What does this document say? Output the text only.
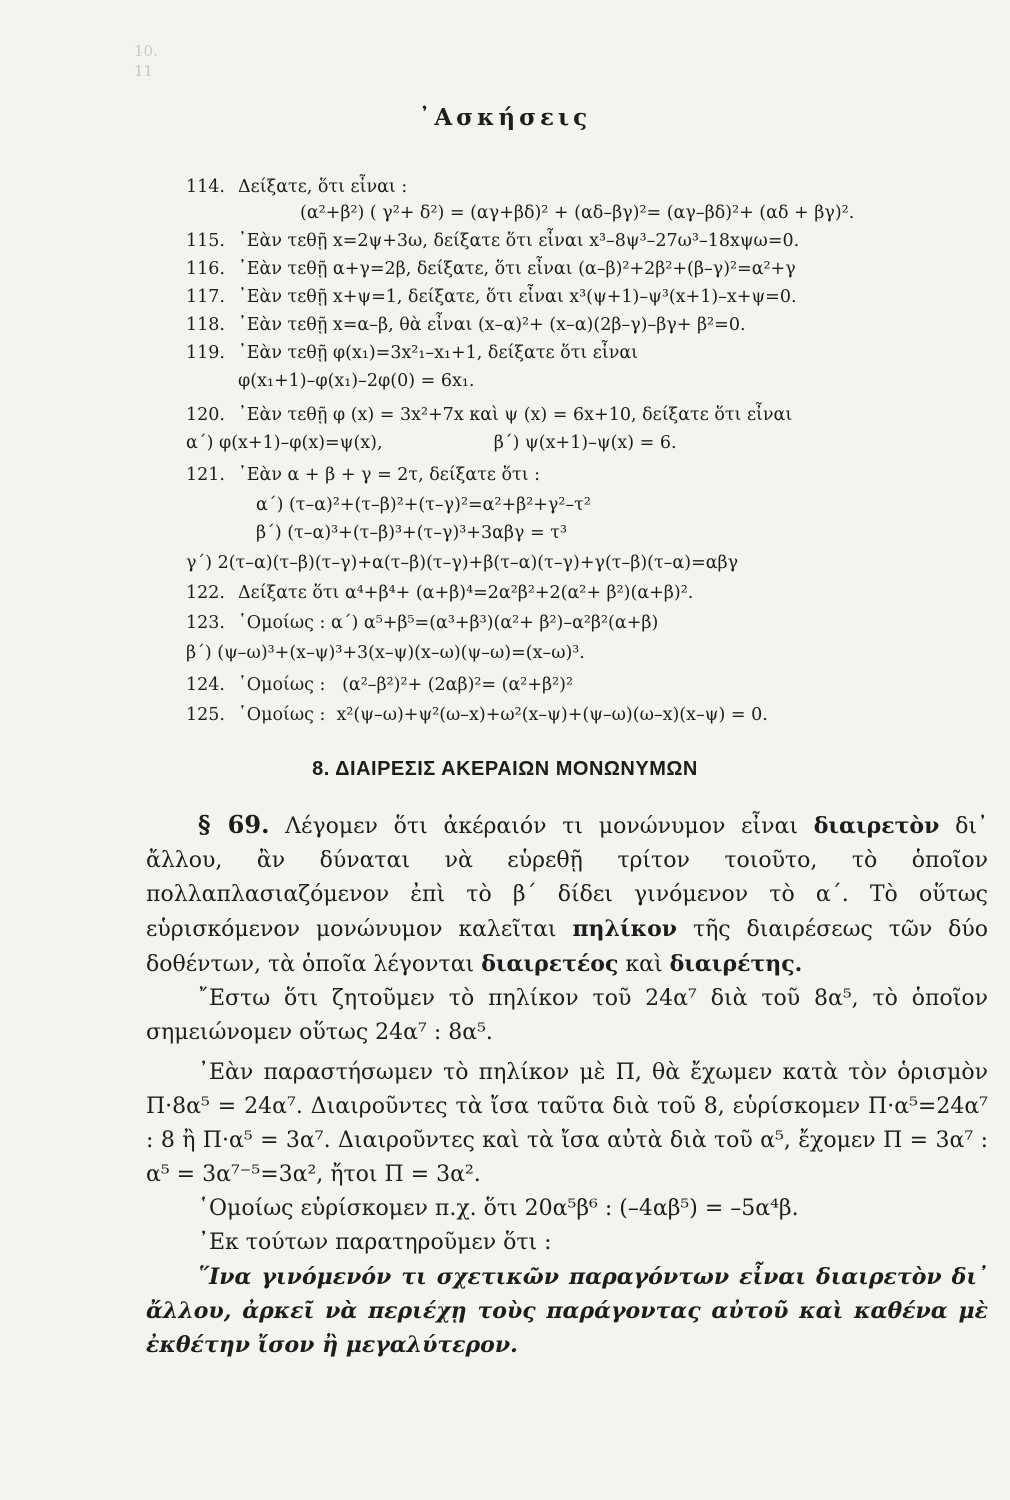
10.
11
᾿Ασκήσεις
114. Δείξατε, ὅτι εἶναι :
(α²+β²) ( γ²+ δ²) = (αγ+βδ)² + (αδ–βγ)²= (αγ–βδ)²+ (αδ + βγ)².
115. ᾿Εὰν τεθῇ x=2ψ+3ω, δείξατε ὅτι εἶναι x³–8ψ³–27ω³–18xψω=0.
116. ᾿Εὰν τεθῇ α+γ=2β, δείξατε, ὅτι εἶναι (α–β)²+2β²+(β–γ)²=α²+γ
117. ᾿Εὰν τεθῇ x+ψ=1, δείξατε, ὅτι εἶναι x³(ψ+1)–ψ³(x+1)–x+ψ=0.
118. ᾿Εὰν τεθῇ x=α–β, θὰ εἶναι (x–α)²+ (x–α)(2β–γ)–βγ+ β²=0.
119. ᾿Εὰν τεθῇ φ(x₁)=3x²₁–x₁+1, δείξατε ὅτι εἶναι
φ(x₁+1)–φ(x₁)–2φ(0) = 6x₁.
120. ᾿Εὰν τεθῇ φ (x) = 3x²+7x καὶ ψ (x) = 6x+10, δείξατε ὅτι εἶναι
α΄) φ(x+1)–φ(x)=ψ(x),                    β΄) ψ(x+1)–ψ(x) = 6.
121. ᾿Εὰν α + β + γ = 2τ, δείξατε ὅτι :
α΄) (τ–α)²+(τ–β)²+(τ–γ)²=α²+β²+γ²–τ²
β΄) (τ–α)³+(τ–β)³+(τ–γ)³+3αβγ = τ³
γ΄) 2(τ–α)(τ–β)(τ–γ)+α(τ–β)(τ–γ)+β(τ–α)(τ–γ)+γ(τ–β)(τ–α)=αβγ
122. Δείξατε ὅτι α⁴+β⁴+ (α+β)⁴=2α²β²+2(α²+ β²)(α+β)².
123. ῾Ομοίως : α΄) α⁵+β⁵=(α³+β³)(α²+ β²)–α²β²(α+β)
β΄) (ψ–ω)³+(x–ψ)³+3(x–ψ)(x–ω)(ψ–ω)=(x–ω)³.
124. ῾Ομοίως :   (α²–β²)²+ (2αβ)²= (α²+β²)²
125. ῾Ομοίως :  x²(ψ–ω)+ψ²(ω–x)+ω²(x–ψ)+(ψ–ω)(ω–x)(x–ψ) = 0.
8. ΔΙΑΙΡΕΣΙΣ ΑΚΕΡΑΙΩΝ ΜΟΝΩΝΥΜΩΝ

§ 69. Λέγομεν ὅτι ἀκέραιόν τι μονώνυμον εἶναι διαιρετὸν δι᾿ ἄλλου, ἂν δύναται νὰ εὑρεθῇ τρίτον τοιοῦτο, τὸ ὁποῖον πολλαπλασιαζόμενον ἐπὶ τὸ β΄ δίδει γινόμενον τὸ α΄. Τὸ οὕτως εὑρισκόμενον μονώνυμον καλεῖται πηλίκον τῆς διαιρέσεως τῶν δύο δοθέντων, τὰ ὁποῖα λέγονται διαιρετέος καὶ διαιρέτης.

῎Εστω ὅτι ζητοῦμεν τὸ πηλίκον τοῦ 24α⁷ διὰ τοῦ 8α⁵, τὸ ὁποῖον σημειώνομεν οὕτως 24α⁷ : 8α⁵.

᾿Εὰν παραστήσωμεν τὸ πηλίκον μὲ Π, θὰ ἔχωμεν κατὰ τὸν ὁρισμὸν Π·8α⁵ = 24α⁷. Διαιροῦντες τὰ ἴσα ταῦτα διὰ τοῦ 8, εὑρίσκομεν Π·α⁵=24α⁷ : 8 ἢ Π·α⁵ = 3α⁷. Διαιροῦντες καὶ τὰ ἴσα αὐτὰ διὰ τοῦ α⁵, ἔχομεν Π = 3α⁷ : α⁵ = 3α⁷⁻⁵=3α², ἤτοι Π = 3α².

῾Ομοίως εὑρίσκομεν π.χ. ὅτι 20α⁵β⁶ : (–4αβ⁵) = –5α⁴β.

᾿Εκ τούτων παρατηροῦμεν ὅτι :

῞Ινα γινόμενόν τι σχετικῶν παραγόντων εἶναι διαιρετὸν δι᾿ ἄλλου, ἀρκεῖ νὰ περιέχῃ τοὺς παράγοντας αὐτοῦ καὶ καθένα μὲ ἐκθέτην ἴσον ἢ μεγαλύτερον.
